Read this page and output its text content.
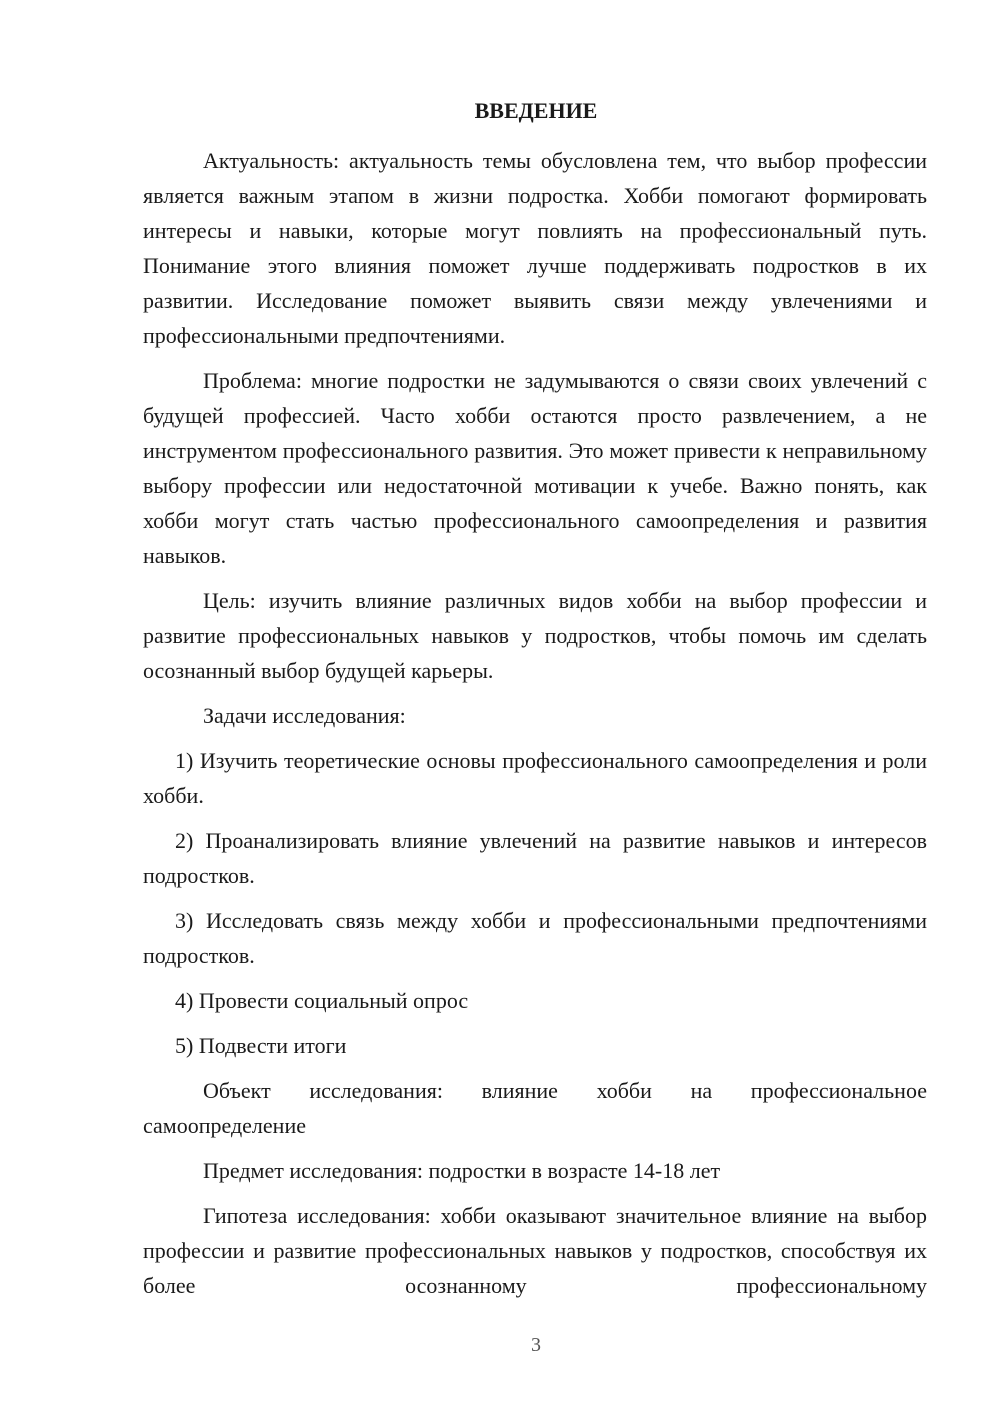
ВВЕДЕНИЕ

Актуальность: актуальность темы обусловлена тем, что выбор профессии является важным этапом в жизни подростка. Хобби помогают формировать интересы и навыки, которые могут повлиять на профессиональный путь. Понимание этого влияния поможет лучше поддерживать подростков в их развитии. Исследование поможет выявить связи между увлечениями и профессиональными предпочтениями.

Проблема: многие подростки не задумываются о связи своих увлечений с будущей профессией. Часто хобби остаются просто развлечением, а не инструментом профессионального развития. Это может привести к неправильному выбору профессии или недостаточной мотивации к учебе. Важно понять, как хобби могут стать частью профессионального самоопределения и развития навыков.

Цель: изучить влияние различных видов хобби на выбор профессии и развитие профессиональных навыков у подростков, чтобы помочь им сделать осознанный выбор будущей карьеры.

Задачи исследования:

1) Изучить теоретические основы профессионального самоопределения и роли хобби.

2) Проанализировать влияние увлечений на развитие навыков и интересов подростков.

3) Исследовать связь между хобби и профессиональными предпочтениями подростков.

4) Провести социальный опрос

5) Подвести итоги

Объект исследования: влияние хобби на профессиональное самоопределение

Предмет исследования: подростки в возрасте 14-18 лет

Гипотеза исследования: хобби оказывают значительное влияние на выбор профессии и развитие профессиональных навыков у подростков, способствуя их более осознанному профессиональному

3
